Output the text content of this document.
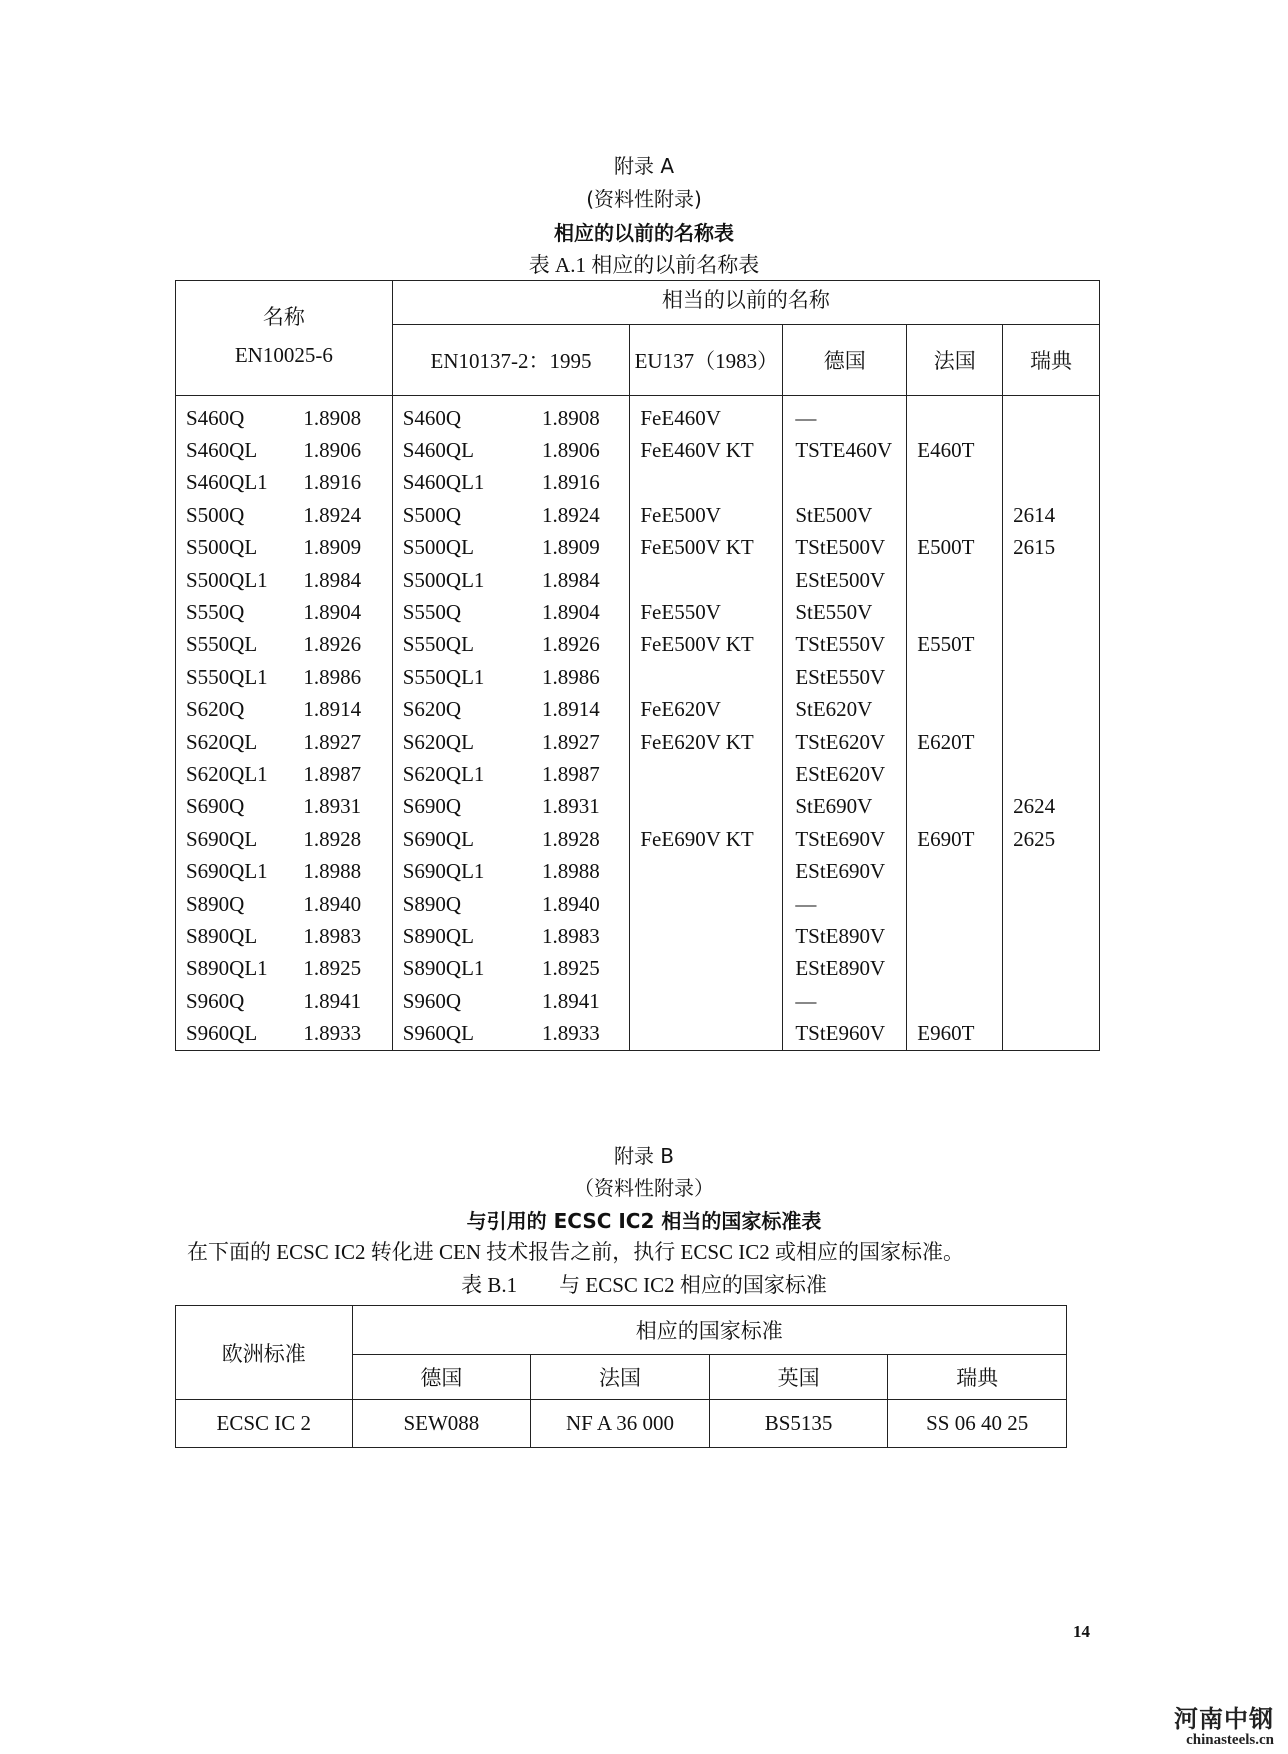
附录 A
(资料性附录)
相应的以前的名称表
表 A.1 相应的以前名称表
名称
EN10025-6		相当的以前的名称					
		EN10137-2：1995		EU137（1983）	德国	法国	瑞典
S460Q	1.8908	S460Q	1.8908	FeE460V	—		
S460QL	1.8906	S460QL	1.8906	FeE460V KT	TSTE460V	E460T	
S460QL1	1.8916	S460QL1	1.8916				
S500Q	1.8924	S500Q	1.8924	FeE500V	StE500V		2614
S500QL	1.8909	S500QL	1.8909	FeE500V KT	TStE500V	E500T	2615
S500QL1	1.8984	S500QL1	1.8984		EStE500V		
S550Q	1.8904	S550Q	1.8904	FeE550V	StE550V		
S550QL	1.8926	S550QL	1.8926	FeE500V KT	TStE550V	E550T	
S550QL1	1.8986	S550QL1	1.8986		EStE550V		
S620Q	1.8914	S620Q	1.8914	FeE620V	StE620V		
S620QL	1.8927	S620QL	1.8927	FeE620V KT	TStE620V	E620T	
S620QL1	1.8987	S620QL1	1.8987		EStE620V		
S690Q	1.8931	S690Q	1.8931		StE690V		2624
S690QL	1.8928	S690QL	1.8928	FeE690V KT	TStE690V	E690T	2625
S690QL1	1.8988	S690QL1	1.8988		EStE690V		
S890Q	1.8940	S890Q	1.8940		—		
S890QL	1.8983	S890QL	1.8983		TStE890V		
S890QL1	1.8925	S890QL1	1.8925		EStE890V		
S960Q	1.8941	S960Q	1.8941		—		
S960QL	1.8933	S960QL	1.8933		TStE960V	E960T	
附录 B
（资料性附录）
与引用的 ECSC IC2 相当的国家标准表
在下面的 ECSC IC2 转化进 CEN 技术报告之前，执行 ECSC IC2 或相应的国家标准。
表 B.1        与 ECSC IC2 相应的国家标准
欧洲标准	相应的国家标准			
	德国	法国	英国	瑞典
ECSC IC 2	SEW088	NF A 36 000	BS5135	SS 06 40 25
14
河南中钢
chinasteels.cn
